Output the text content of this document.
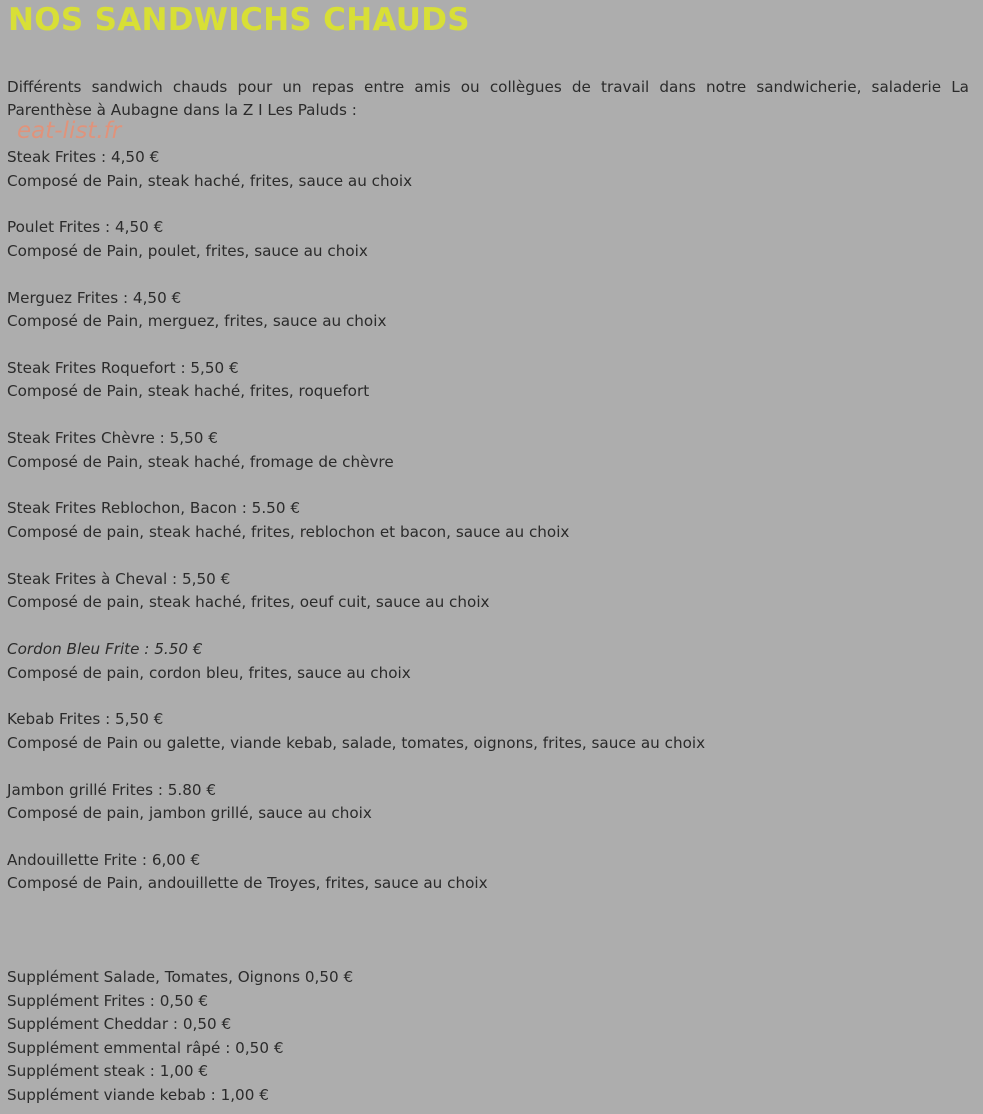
NOS SANDWICHS CHAUDS

Différents sandwich chauds pour un repas entre amis ou collègues de travail dans notre sandwicherie, saladerie La Parenthèse à Aubagne dans la Z I Les Paluds :

eat-list.fr
Steak Frites : 4,50 €
Composé de Pain, steak haché, frites, sauce au choix
Poulet Frites : 4,50 €
Composé de Pain, poulet, frites, sauce au choix
Merguez Frites : 4,50 €
Composé de Pain, merguez, frites, sauce au choix
Steak Frites Roquefort : 5,50 €
Composé de Pain, steak haché, frites, roquefort
Steak Frites Chèvre : 5,50 €
Composé de Pain, steak haché, fromage de chèvre
Steak Frites Reblochon, Bacon : 5.50 €
Composé de pain, steak haché, frites, reblochon et bacon, sauce au choix
Steak Frites à Cheval : 5,50 €
Composé de pain, steak haché, frites, oeuf cuit, sauce au choix
Cordon Bleu Frite : 5.50 €
Composé de pain, cordon bleu, frites, sauce au choix
Kebab Frites : 5,50 €
Composé de Pain ou galette, viande kebab, salade, tomates, oignons, frites, sauce au choix
Jambon grillé Frites : 5.80 €
Composé de pain, jambon grillé, sauce au choix
Andouillette Frite : 6,00 €
Composé de Pain, andouillette de Troyes, frites, sauce au choix
Supplément Salade, Tomates, Oignons 0,50 €
Supplément Frites : 0,50 €
Supplément Cheddar : 0,50 €
Supplément emmental râpé : 0,50 €
Supplément steak : 1,00 €
Supplément viande kebab : 1,00 €
